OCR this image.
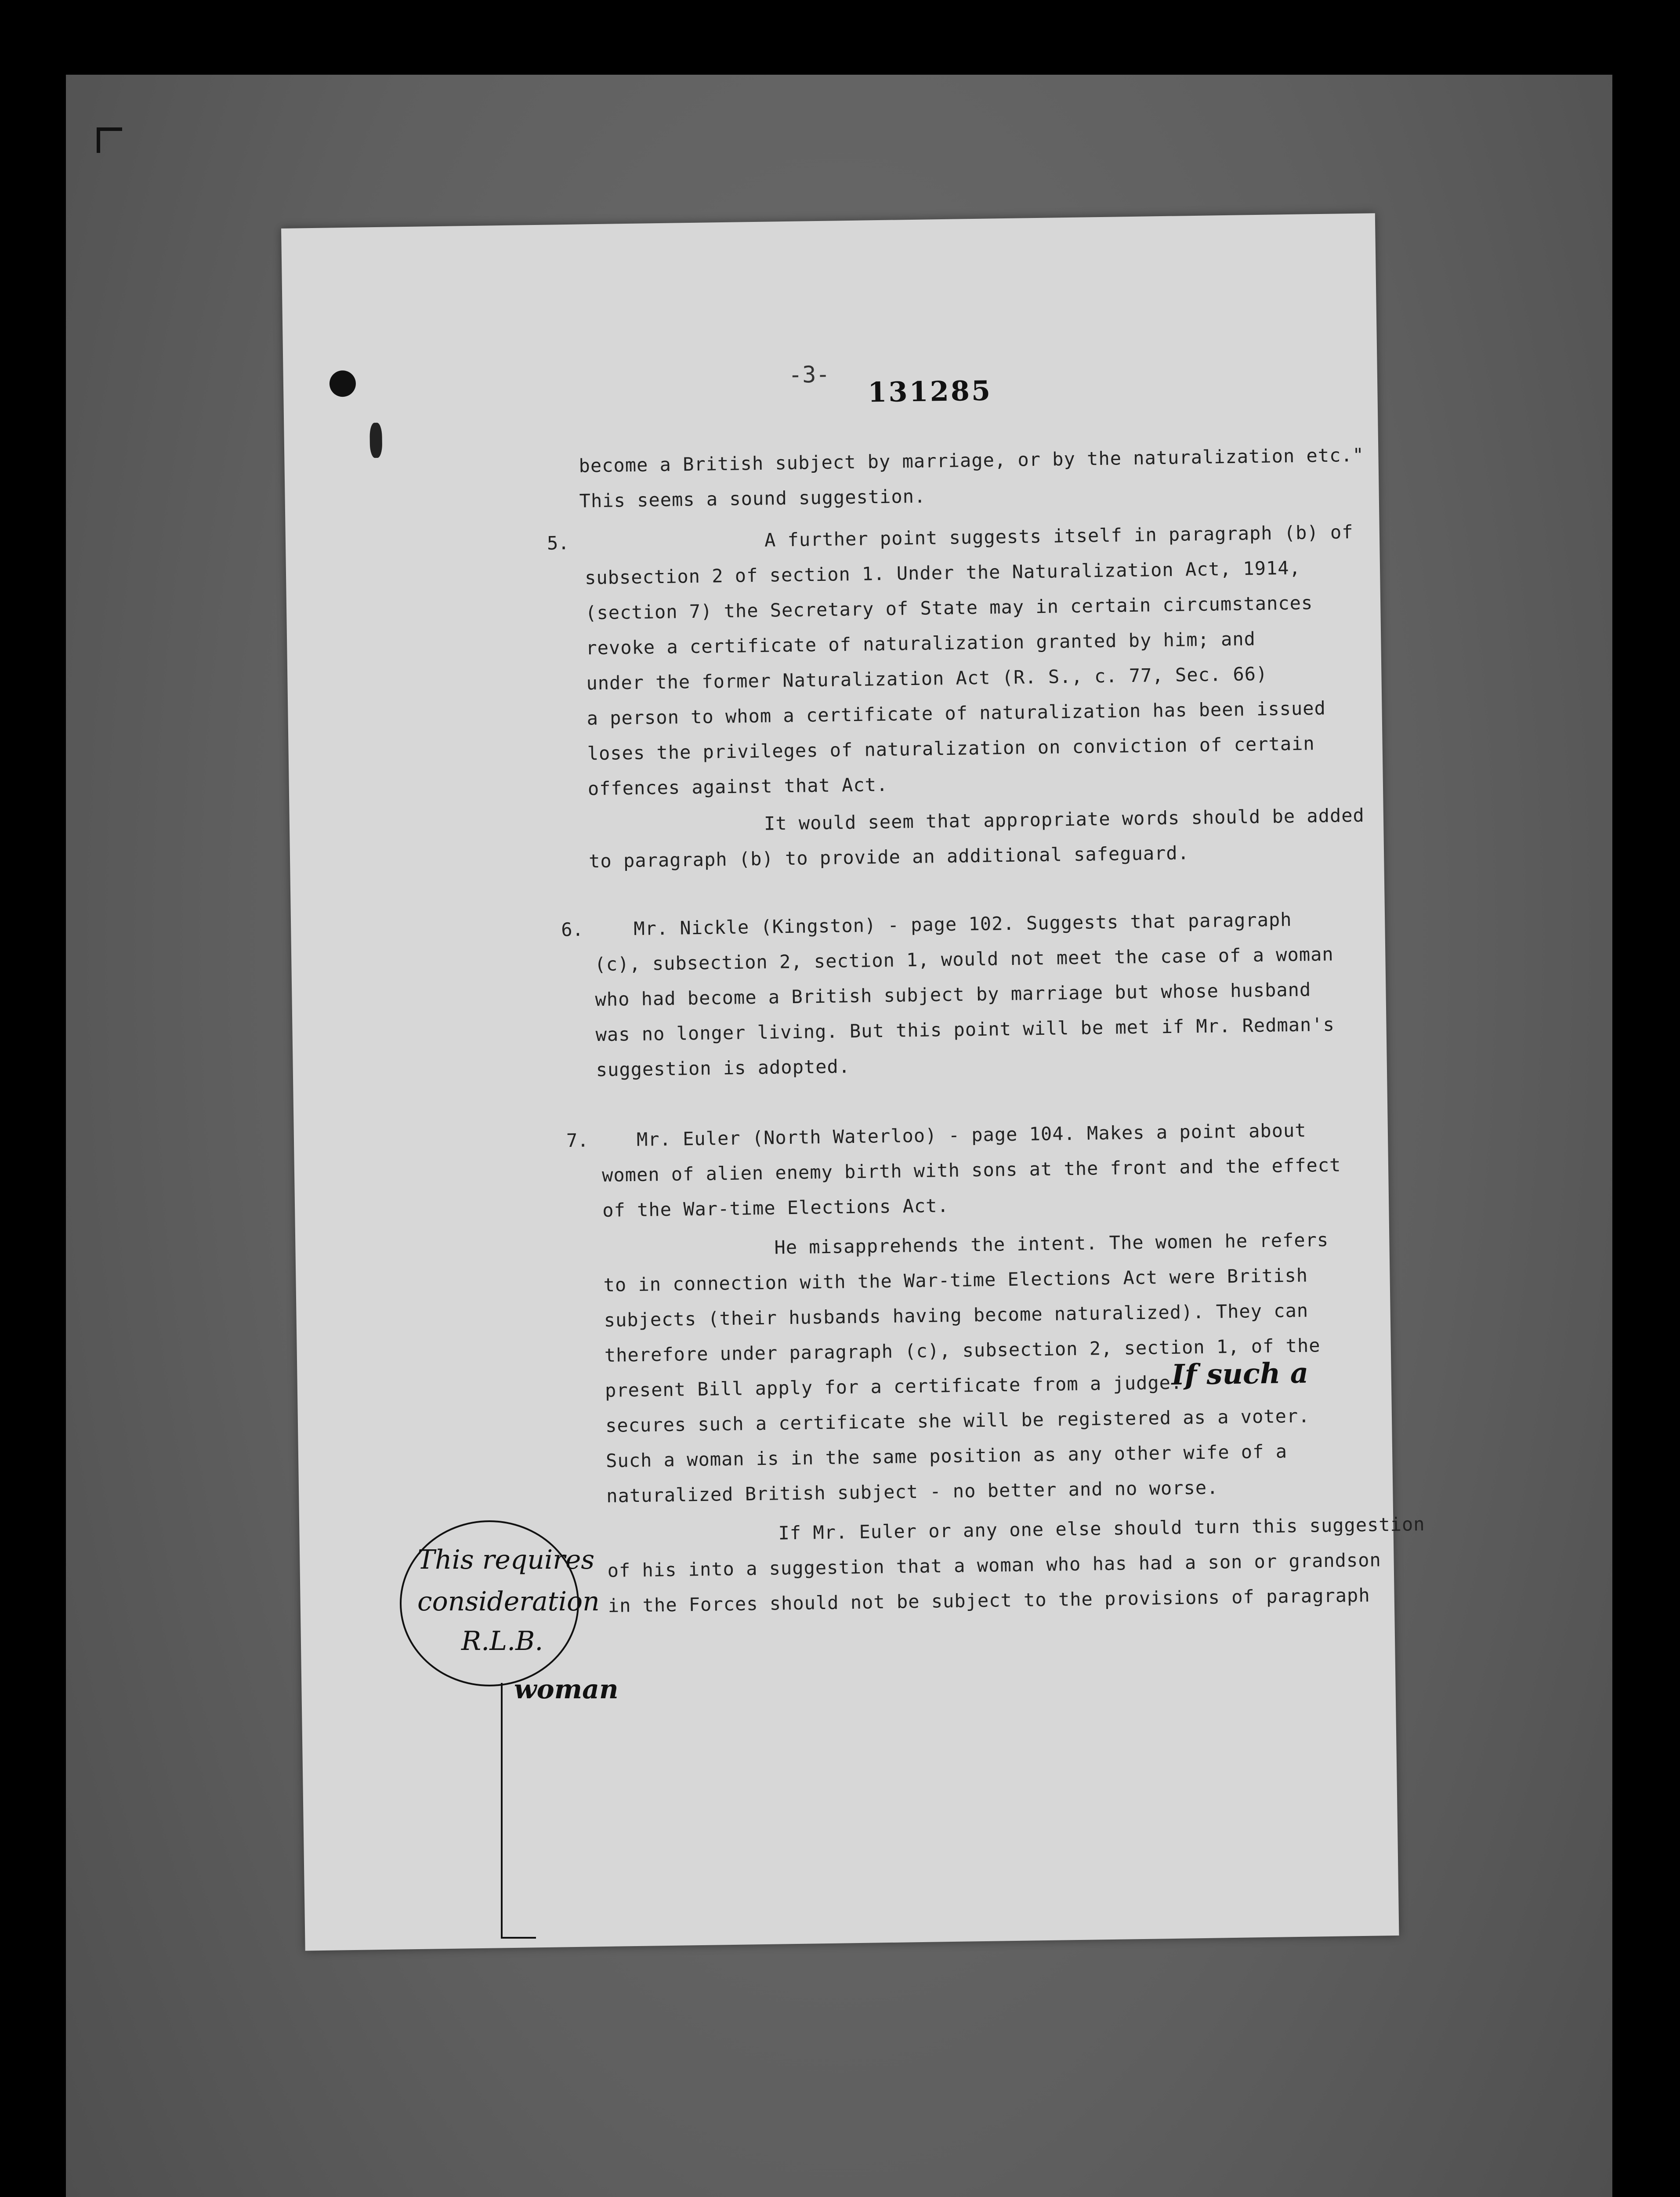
-3- 131285
become a British subject by marriage, or by the naturalization etc."
This seems a sound suggestion.
5.	A further point suggests itself in paragraph (b) of
subsection 2 of section 1. Under the Naturalization Act, 1914,
(section 7) the Secretary of State may in certain circumstances
revoke a certificate of naturalization granted by him; and
under the former Naturalization Act (R. S., c. 77, Sec. 66)
a person to whom a certificate of naturalization has been issued
loses the privileges of naturalization on conviction of certain
offences against that Act.
It would seem that appropriate words should be added
to paragraph (b) to provide an additional safeguard.
6.	Mr. Nickle (Kingston) - page 102. Suggests that paragraph
(c), subsection 2, section 1, would not meet the case of a woman
who had become a British subject by marriage but whose husband
was no longer living. But this point will be met if Mr. Redman's
suggestion is adopted.
7.	Mr. Euler (North Waterloo) - page 104. Makes a point about
women of alien enemy birth with sons at the front and the effect
of the War-time Elections Act.
He misapprehends the intent. The women he refers
to in connection with the War-time Elections Act were British
subjects (their husbands having become naturalized). They can
therefore under paragraph (c), subsection 2, section 1, of the
present Bill apply for a certificate from a judge.
If such a
secures such a certificate she will be registered as a voter.
Such a woman is in the same position as any other wife of a
naturalized British subject - no better and no worse.
If Mr. Euler or any one else should turn this suggestion
of his into a suggestion that a woman who has had a son or grandson
in the Forces should not be subject to the provisions of paragraph
This requires
consideration
R.L.B.
woman
